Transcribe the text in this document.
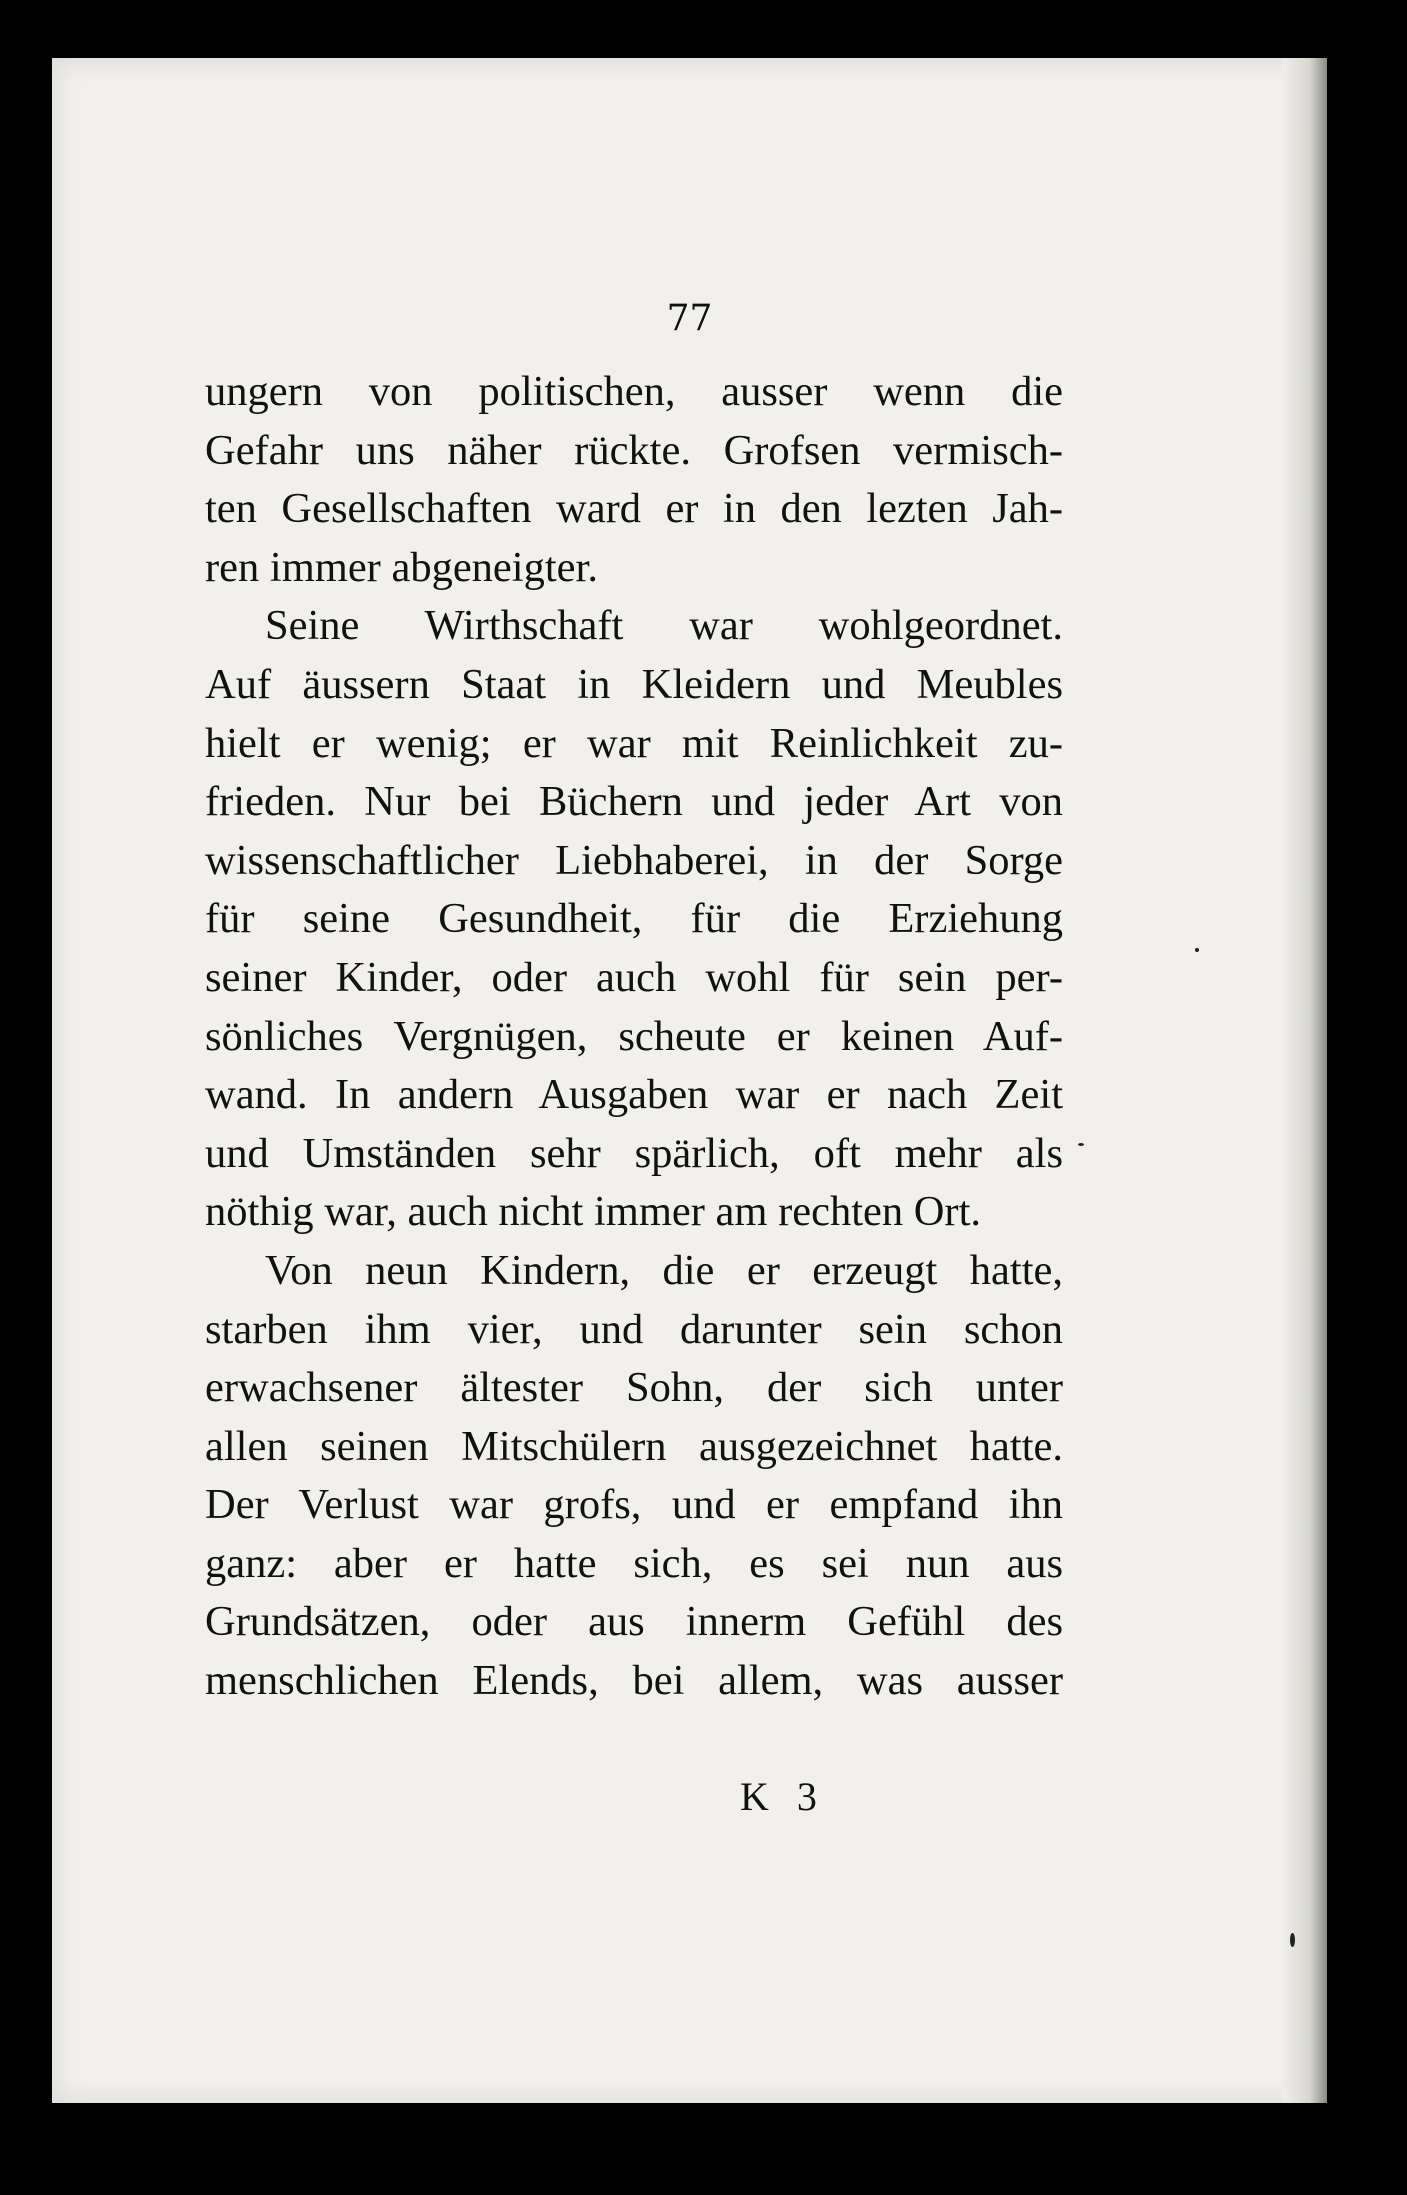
77
ungern von politischen, ausser wenn die
Gefahr uns näher rückte. Grofsen vermisch-
ten Gesellschaften ward er in den lezten Jah-
ren immer abgeneigter.
Seine Wirthschaft war wohlgeordnet.
Auf äussern Staat in Kleidern und Meubles
hielt er wenig; er war mit Reinlichkeit zu-
frieden. Nur bei Büchern und jeder Art von
wissenschaftlicher Liebhaberei, in der Sorge
für seine Gesundheit, für die Erziehung
seiner Kinder, oder auch wohl für sein per-
sönliches Vergnügen, scheute er keinen Auf-
wand. In andern Ausgaben war er nach Zeit
und Umständen sehr spärlich, oft mehr als
nöthig war, auch nicht immer am rechten Ort.
Von neun Kindern, die er erzeugt hatte,
starben ihm vier, und darunter sein schon
erwachsener ältester Sohn, der sich unter
allen seinen Mitschülern ausgezeichnet hatte.
Der Verlust war grofs, und er empfand ihn
ganz: aber er hatte sich, es sei nun aus
Grundsätzen, oder aus innerm Gefühl des
menschlichen Elends, bei allem, was ausser
K 3
